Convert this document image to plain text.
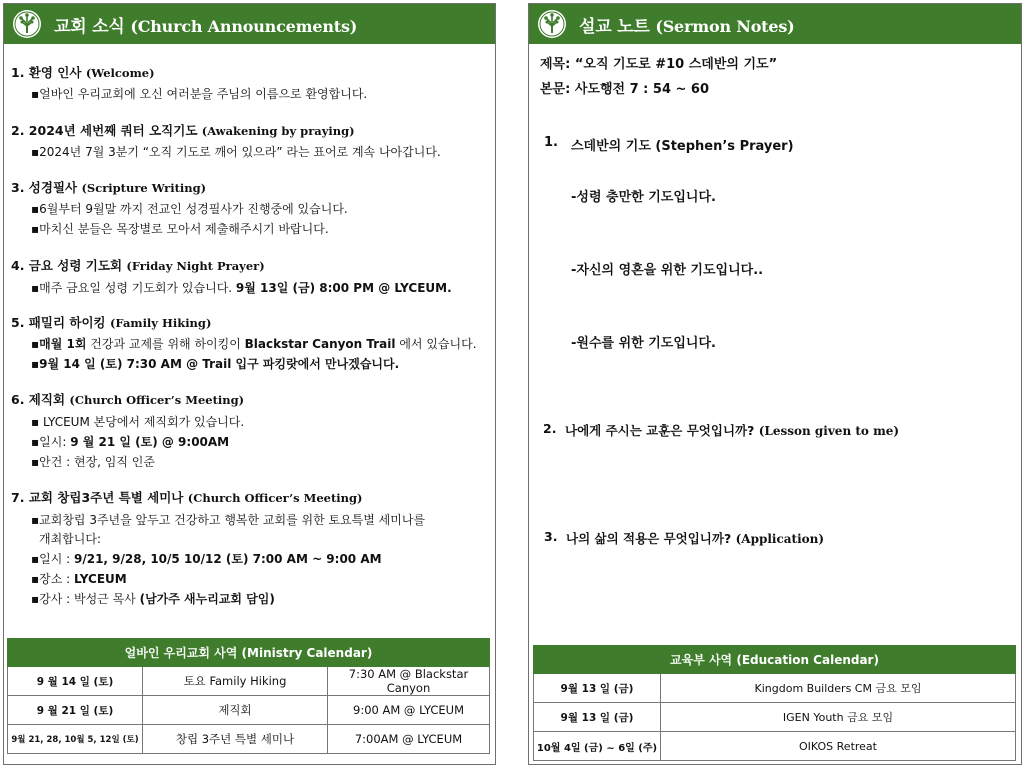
교회 소식 (Church Announcements)
1. 환영 인사 (Welcome)
▪얼바인 우리교회에 오신 여러분을 주님의 이름으로 환영합니다.
2. 2024년 세번째 쿼터 오직기도 (Awakening by praying)
▪2024년 7월 3분기 “오직 기도로 깨어 있으라” 라는 표어로 계속 나아갑니다.
3. 성경필사 (Scripture Writing)
▪6월부터 9월말 까지 전교인 성경필사가 진행중에 있습니다.
▪마치신 분들은 목장별로 모아서 제출해주시기 바랍니다.
4. 금요 성령 기도회 (Friday Night Prayer)
▪매주 금요일 성령 기도회가 있습니다. 9월 13일 (금) 8:00 PM @ LYCEUM.
5. 패밀리 하이킹 (Family Hiking)
▪매월 1회 건강과 교제를 위해 하이킹이 Blackstar Canyon Trail 에서 있습니다.
▪9월 14 일 (토) 7:30 AM @ Trail 입구 파킹랏에서 만나겠습니다.
6. 제직회 (Church Officer’s Meeting)
▪ LYCEUM 본당에서 제직회가 있습니다.
▪일시: 9 월 21 일 (토) @ 9:00AM
▪안건 : 현장, 임직 인준
7. 교회 창립3주년 특별 세미나 (Church Officer’s Meeting)
▪교회창립 3주년을 앞두고 건강하고 행복한 교회를 위한 토요특별 세미나를
개최합니다:
▪일시 : 9/21, 9/28, 10/5 10/12 (토) 7:00 AM ~ 9:00 AM
▪장소 : LYCEUM
▪강사 : 박성근 목사 (남가주 새누리교회 담임)
얼바인 우리교회 사역 (Ministry Calendar)		
9 월 14 일 (토)	토요 Family Hiking	7:30 AM @ Blackstar Canyon
9 월 21 일 (토)	제직회	9:00 AM @ LYCEUM
9월 21, 28, 10월 5, 12일 (토)	창립 3주년 특별 세미나	7:00AM @ LYCEUM
설교 노트 (Sermon Notes)
제목: “오직 기도로 #10 스데반의 기도”
본문: 사도행전 7 : 54 ~ 60
1. 스데반의 기도 (Stephen’s Prayer)
-성령 충만한 기도입니다.
-자신의 영혼을 위한 기도입니다..
-원수를 위한 기도입니다.
2. 나에게 주시는 교훈은 무엇입니까? (Lesson given to me)
3. 나의 삶의 적용은 무엇입니까? (Application)
교육부 사역 (Education Calendar)	
9월 13 일 (금)	Kingdom Builders CM 금요 모임
9월 13 일 (금)	IGEN Youth 금요 모임
10월 4일 (금) ~ 6일 (주)	OIKOS Retreat
